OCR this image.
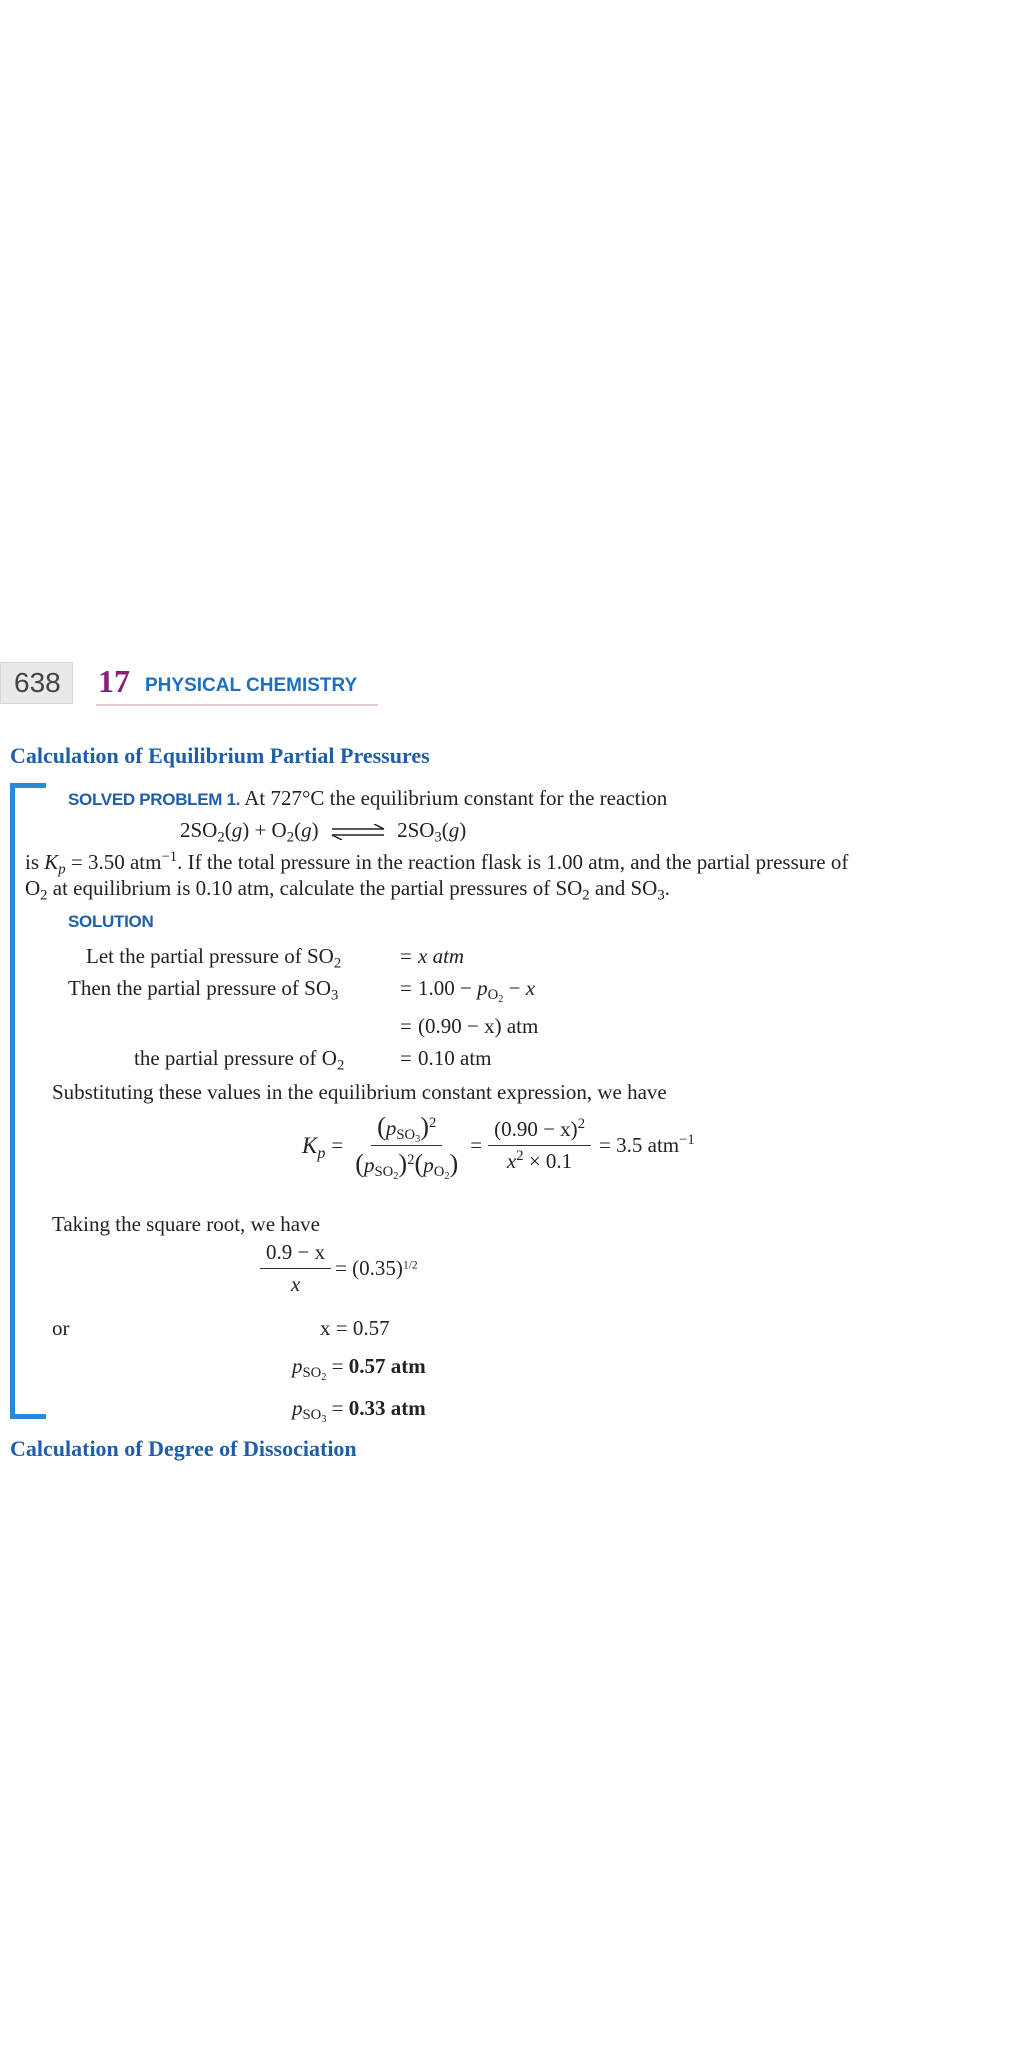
638 17 PHYSICAL CHEMISTRY
Calculation of Equilibrium Partial Pressures
SOLVED PROBLEM 1. At 727°C the equilibrium constant for the reaction
$2SO_2(g) + O_2(g)$ ⇌ $2SO_3(g)$
is $K_p = 3.50$ atm$^{-1}$. If the total pressure in the reaction flask is 1.00 atm, and the partial pressure of
$O_2$ at equilibrium is 0.10 atm, calculate the partial pressures of $SO_2$ and $SO_3$.
SOLUTION
Let the partial pressure of $SO_2$	= x atm
Then the partial pressure of $SO_3$	= $1.00 - p_{O_2} - x$
= (0.90 − x) atm
the partial pressure of $O_2$	= 0.10 atm
Substituting these values in the equilibrium constant expression, we have
$K_p = \frac{(p_{SO_3})^2}{(p_{SO_2})^2(p_{O_2})} = \frac{(0.90 - x)^2}{x^2 \times 0.1} = 3.5$ atm$^{-1}$
Taking the square root, we have
$\frac{0.9 - x}{x} = (0.35)^{1/2}$
or	x = 0.57
$p_{SO_2} = 0.57$ atm
$p_{SO_3} = 0.33$ atm
Calculation of Degree of Dissociation
